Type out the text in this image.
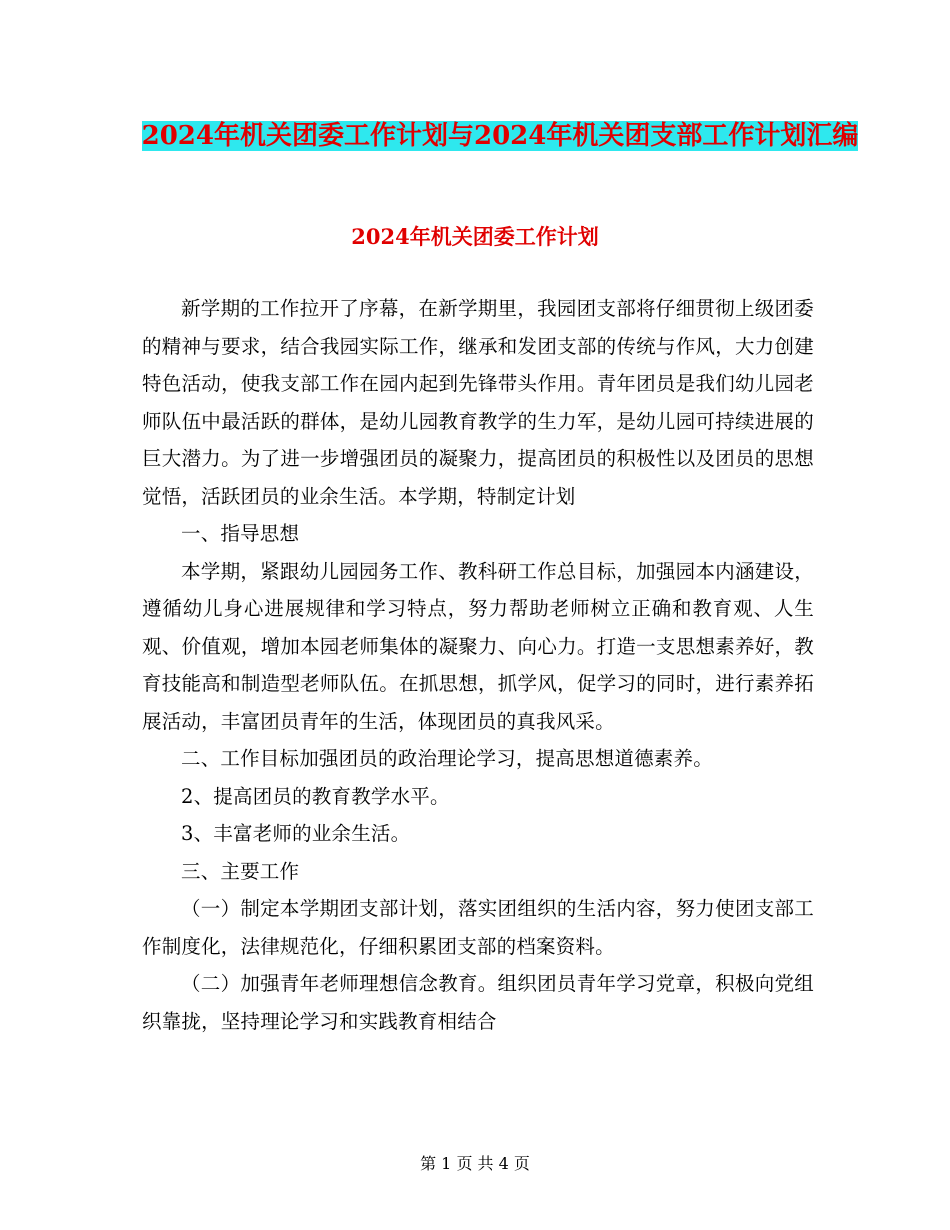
2024年机关团委工作计划与2024年机关团支部工作计划汇编
2024年机关团委工作计划

新学期的工作拉开了序幕，在新学期里，我园团支部将仔细贯彻上级团委的精神与要求，结合我园实际工作，继承和发团支部的传统与作风，大力创建特色活动，使我支部工作在园内起到先锋带头作用。青年团员是我们幼儿园老师队伍中最活跃的群体，是幼儿园教育教学的生力军，是幼儿园可持续进展的巨大潜力。为了进一步增强团员的凝聚力，提高团员的积极性以及团员的思想觉悟，活跃团员的业余生活。本学期，特制定计划

一、指导思想

本学期，紧跟幼儿园园务工作、教科研工作总目标，加强园本内涵建设，遵循幼儿身心进展规律和学习特点，努力帮助老师树立正确和教育观、人生观、价值观，增加本园老师集体的凝聚力、向心力。打造一支思想素养好，教育技能高和制造型老师队伍。在抓思想，抓学风，促学习的同时，进行素养拓展活动，丰富团员青年的生活，体现团员的真我风采。

二、工作目标加强团员的政治理论学习，提高思想道德素养。

2、提高团员的教育教学水平。

3、丰富老师的业余生活。

三、主要工作

（一）制定本学期团支部计划，落实团组织的生活内容，努力使团支部工作制度化，法律规范化，仔细积累团支部的档案资料。

（二）加强青年老师理想信念教育。组织团员青年学习党章，积极向党组织靠拢，坚持理论学习和实践教育相结合

第 1 页 共 4 页
